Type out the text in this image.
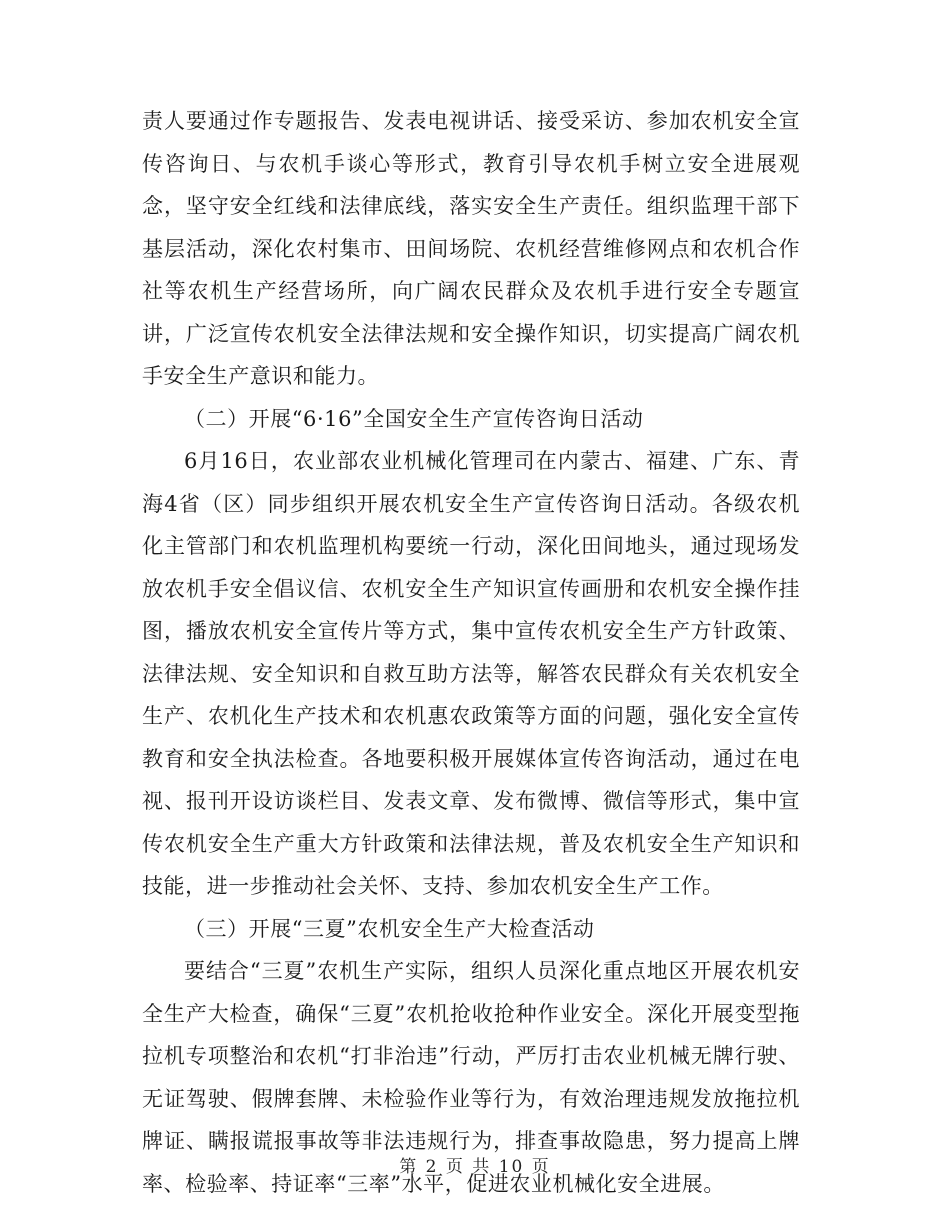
责人要通过作专题报告、发表电视讲话、接受采访、参加农机安全宣传咨询日、与农机手谈心等形式，教育引导农机手树立安全进展观念，坚守安全红线和法律底线，落实安全生产责任。组织监理干部下基层活动，深化农村集市、田间场院、农机经营维修网点和农机合作社等农机生产经营场所，向广阔农民群众及农机手进行安全专题宣讲，广泛宣传农机安全法律法规和安全操作知识，切实提高广阔农机手安全生产意识和能力。

（二）开展“6·16”全国安全生产宣传咨询日活动

6月16日，农业部农业机械化管理司在内蒙古、福建、广东、青海4省（区）同步组织开展农机安全生产宣传咨询日活动。各级农机化主管部门和农机监理机构要统一行动，深化田间地头，通过现场发放农机手安全倡议信、农机安全生产知识宣传画册和农机安全操作挂图，播放农机安全宣传片等方式，集中宣传农机安全生产方针政策、法律法规、安全知识和自救互助方法等，解答农民群众有关农机安全生产、农机化生产技术和农机惠农政策等方面的问题，强化安全宣传教育和安全执法检查。各地要积极开展媒体宣传咨询活动，通过在电视、报刊开设访谈栏目、发表文章、发布微博、微信等形式，集中宣传农机安全生产重大方针政策和法律法规，普及农机安全生产知识和技能，进一步推动社会关怀、支持、参加农机安全生产工作。

（三）开展“三夏”农机安全生产大检查活动

要结合“三夏”农机生产实际，组织人员深化重点地区开展农机安全生产大检查，确保“三夏”农机抢收抢种作业安全。深化开展变型拖拉机专项整治和农机“打非治违”行动，严厉打击农业机械无牌行驶、无证驾驶、假牌套牌、未检验作业等行为，有效治理违规发放拖拉机牌证、瞒报谎报事故等非法违规行为，排查事故隐患，努力提高上牌率、检验率、持证率“三率”水平，促进农业机械化安全进展。

第 2 页 共 10 页
